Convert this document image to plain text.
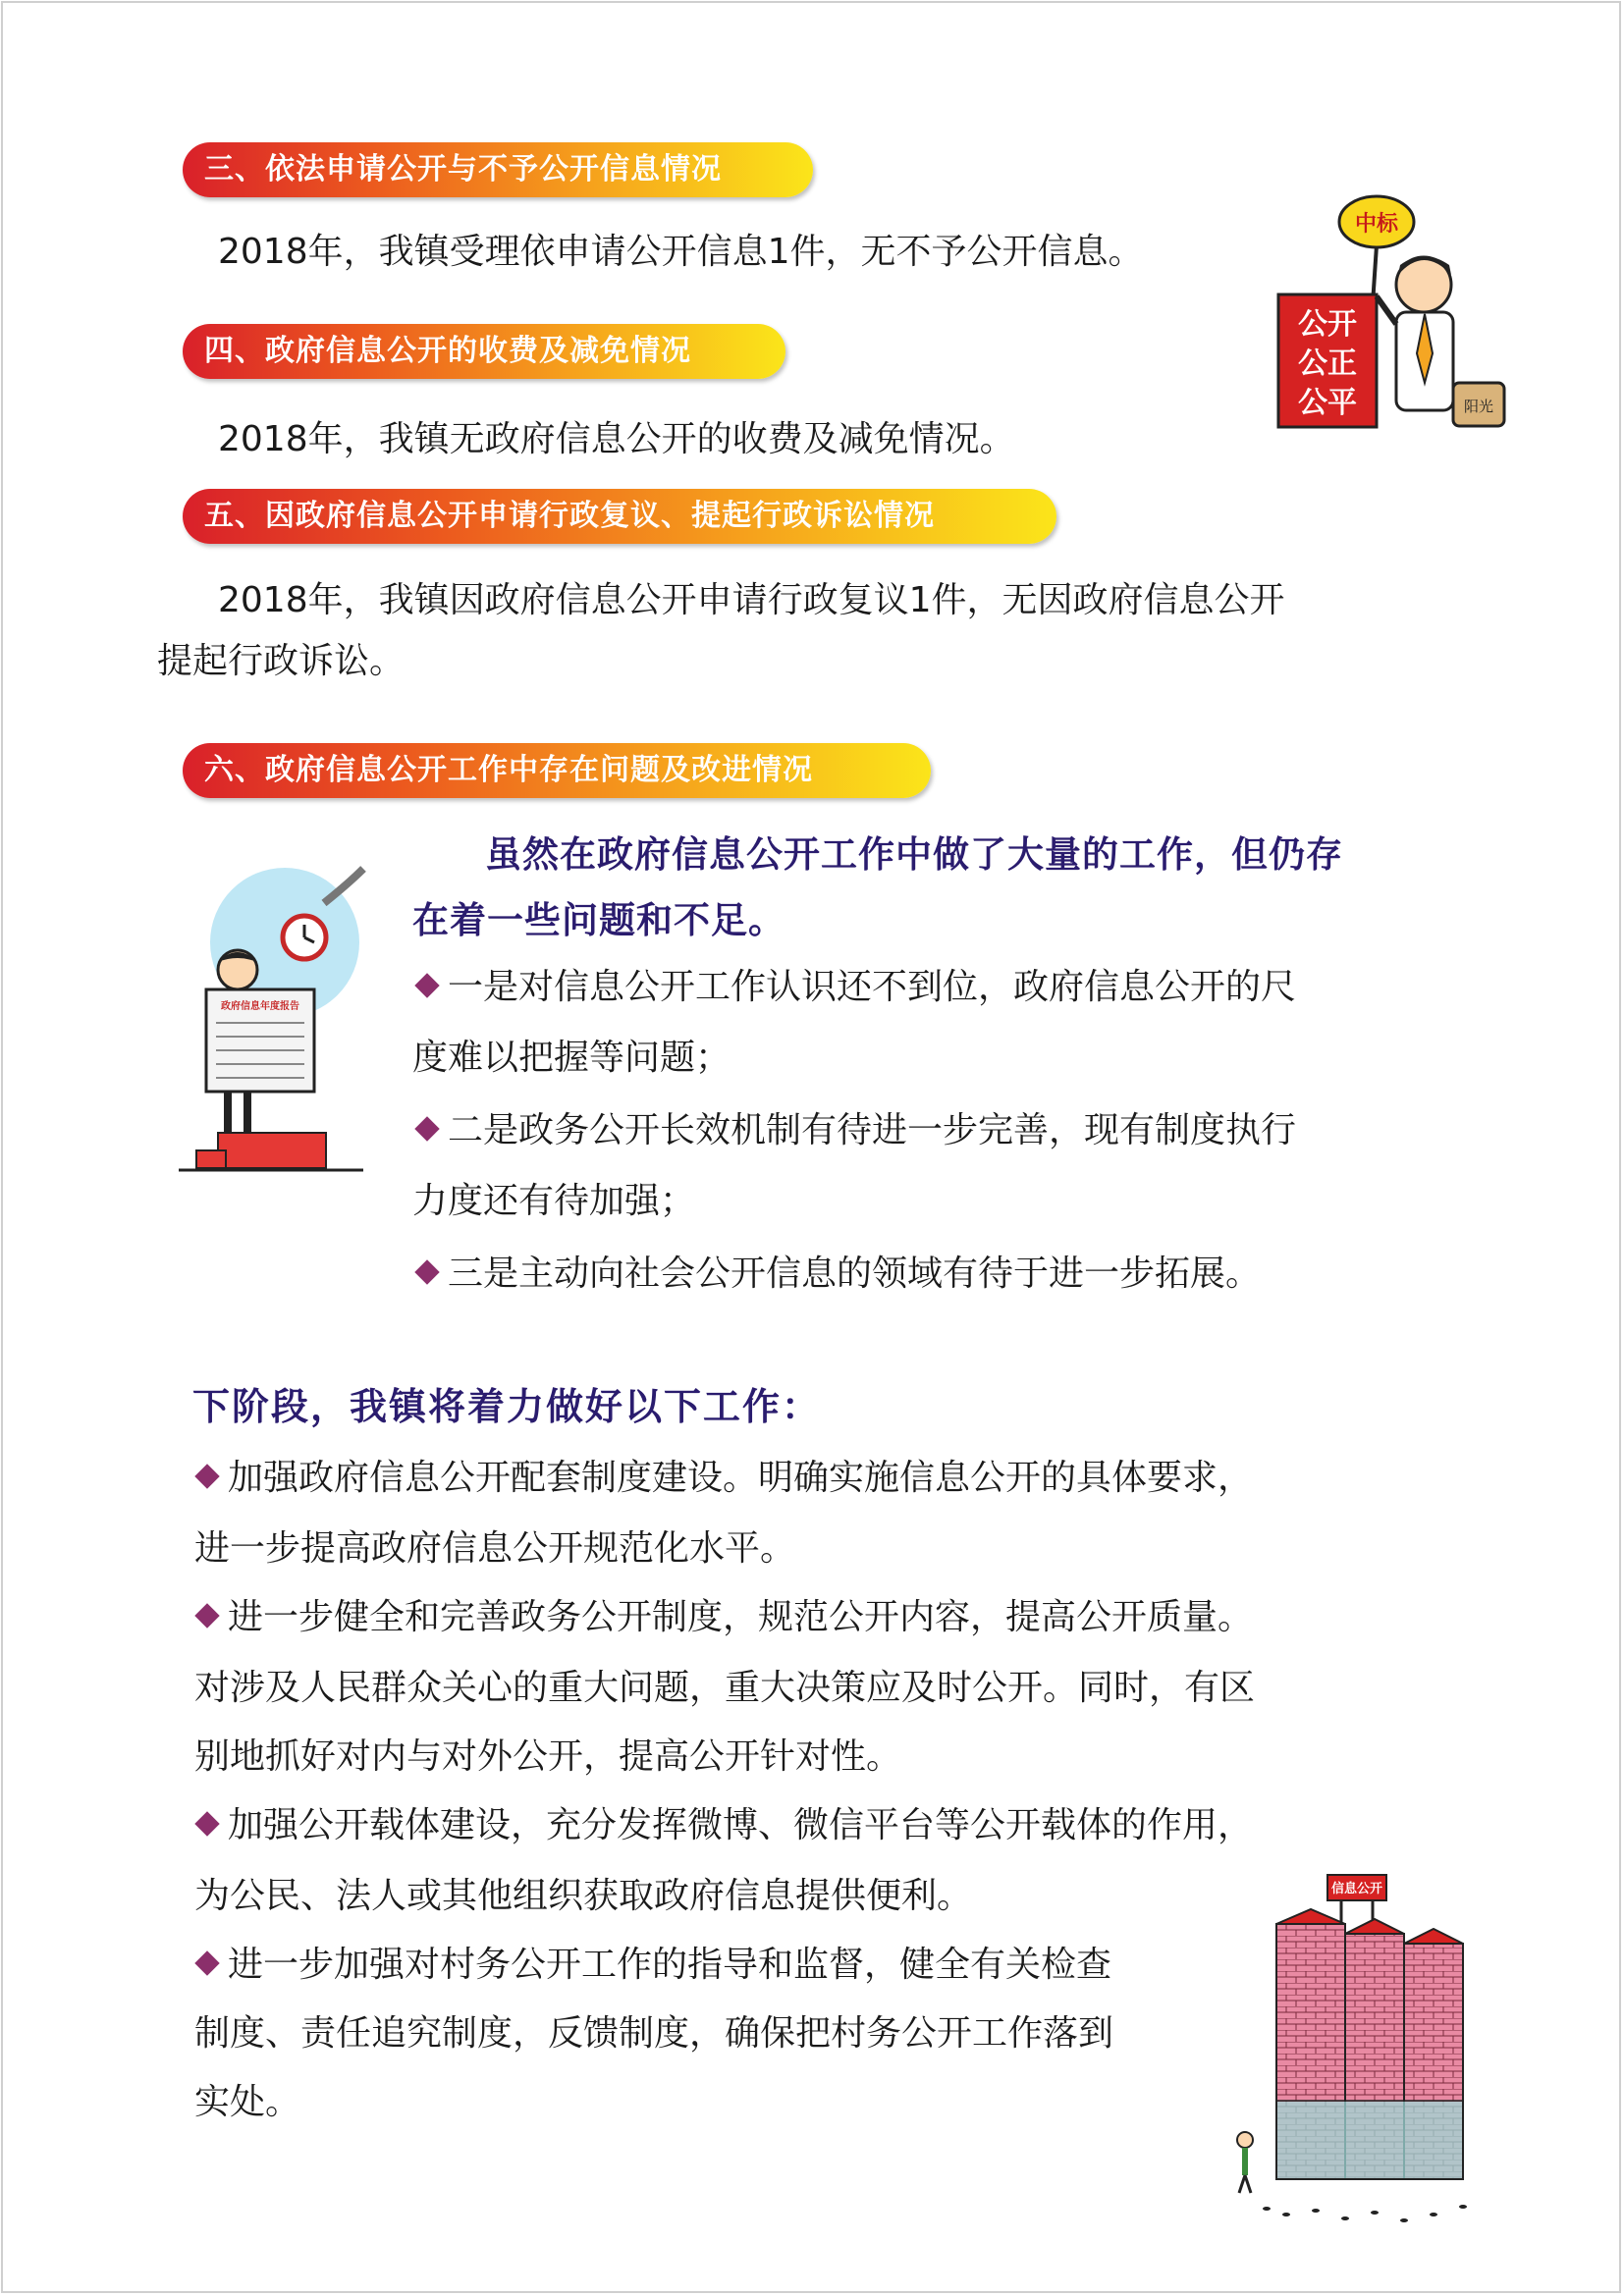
三、依法申请公开与不予公开信息情况

2018年，我镇受理依申请公开信息1件，无不予公开信息。

四、政府信息公开的收费及减免情况

2018年，我镇无政府信息公开的收费及减免情况。

五、因政府信息公开申请行政复议、提起行政诉讼情况

2018年，我镇因政府信息公开申请行政复议1件，无因政府信息公开

提起行政诉讼。

六、政府信息公开工作中存在问题及改进情况

虽然在政府信息公开工作中做了大量的工作，但仍存

在着一些问题和不足。

一是对信息公开工作认识还不到位，政府信息公开的尺

度难以把握等问题；

二是政务公开长效机制有待进一步完善，现有制度执行

力度还有待加强；

三是主动向社会公开信息的领域有待于进一步拓展。

下阶段，我镇将着力做好以下工作：

加强政府信息公开配套制度建设。明确实施信息公开的具体要求，

进一步提高政府信息公开规范化水平。

进一步健全和完善政务公开制度，规范公开内容，提高公开质量。

对涉及人民群众关心的重大问题，重大决策应及时公开。同时，有区

别地抓好对内与对外公开，提高公开针对性。

加强公开载体建设，充分发挥微博、微信平台等公开载体的作用，

为公民、法人或其他组织获取政府信息提供便利。

进一步加强对村务公开工作的指导和监督，健全有关检查

制度、责任追究制度，反馈制度，确保把村务公开工作落到

实处。

中标
公开
公正
公平	阳光
政府信息年度报告
信息公开
